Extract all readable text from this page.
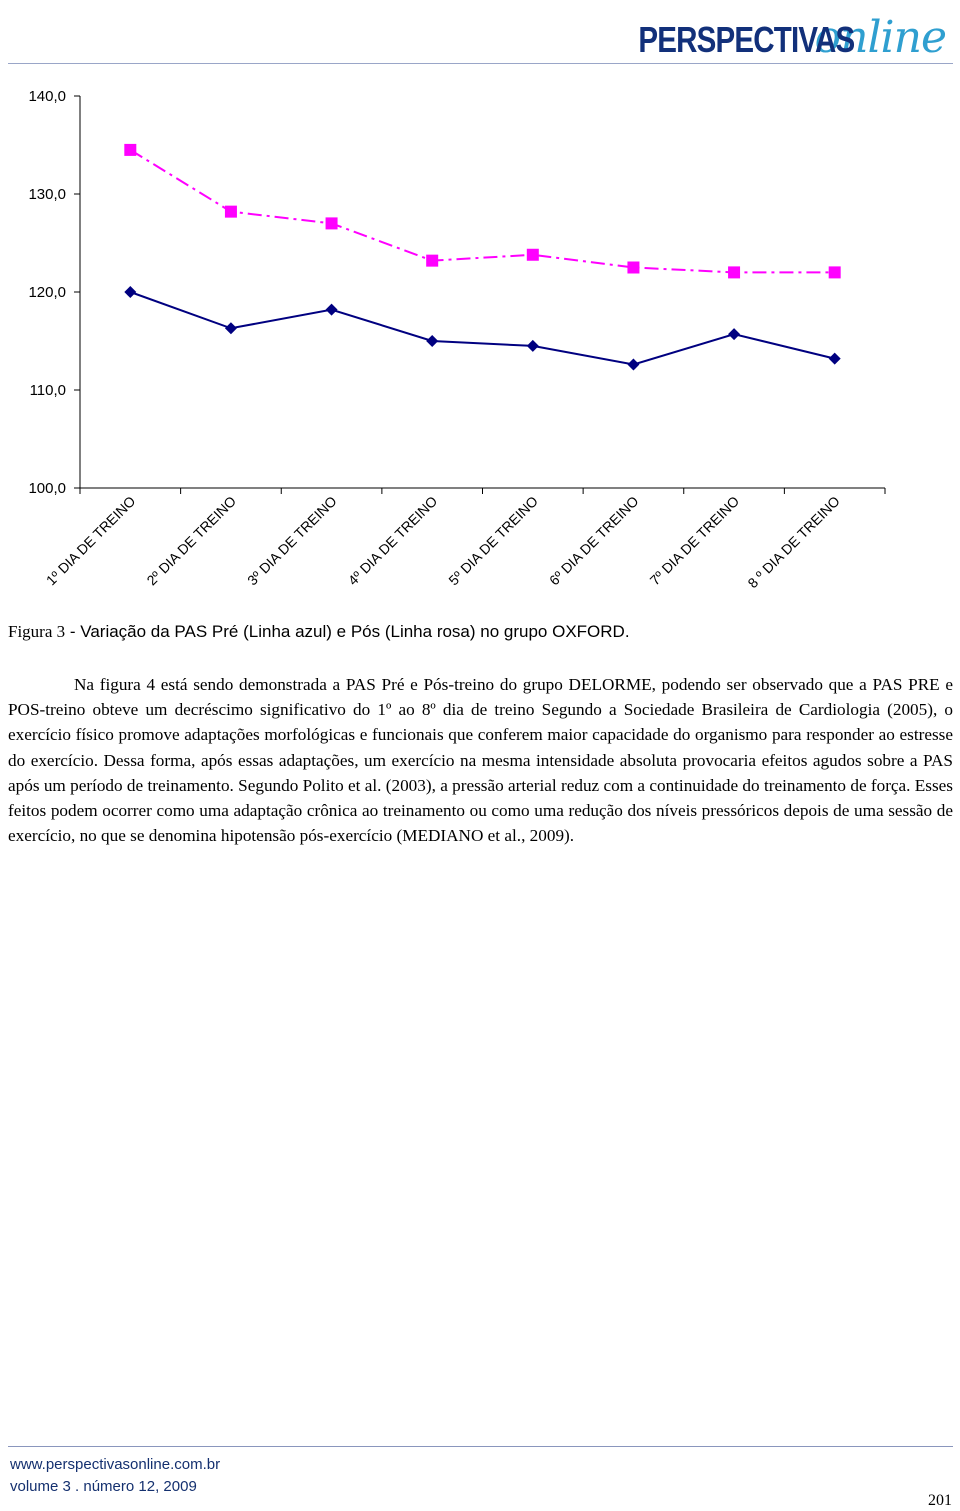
PERSPECTIVAS
online
140,0
130,0
120,0
110,0
100,0
1º DIA DE TREINO 2º DIA DE TREINO 3º DIA DE TREINO 4º DIA DE TREINO 5º DIA DE TREINO 6º DIA DE TREINO 7º DIA DE TREINO 8 º DIA DE TREINO
Figura 3 - Variação da PAS Pré (Linha azul) e Pós (Linha rosa) no grupo OXFORD.

Na figura 4 está sendo demonstrada a PAS Pré e Pós-treino do grupo DELORME, podendo ser observado que a PAS PRE e POS-treino obteve um decréscimo significativo do 1º ao 8º dia de treino Segundo a Sociedade Brasileira de Cardiologia (2005), o exercício físico promove adaptações morfológicas e funcionais que conferem maior capacidade do organismo para responder ao estresse do exercício. Dessa forma, após essas adaptações, um exercício na mesma intensidade absoluta provocaria efeitos agudos sobre a PAS após um período de treinamento. Segundo Polito et al. (2003), a pressão arterial reduz com a continuidade do treinamento de força. Esses feitos podem ocorrer como uma adaptação crônica ao treinamento ou como uma redução dos níveis pressóricos depois de uma sessão de exercício, no que se denomina hipotensão pós-exercício (MEDIANO et al., 2009).

www.perspectivasonline.com.br
volume 3 . número 12, 2009
201
